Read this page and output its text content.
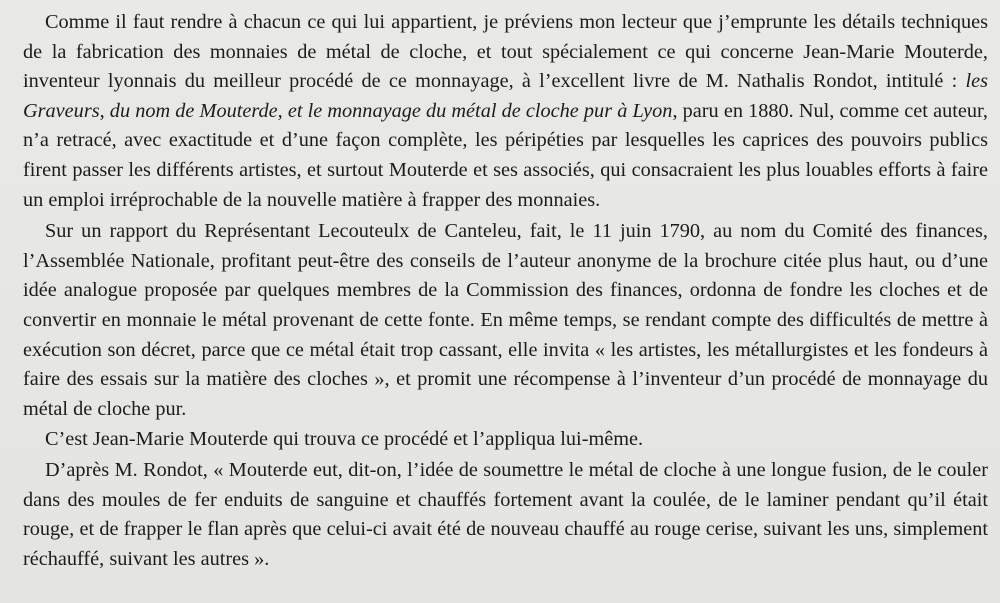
Comme il faut rendre à chacun ce qui lui appartient, je préviens mon lecteur que j’emprunte les détails techniques de la fabrication des monnaies de métal de cloche, et tout spécialement ce qui concerne Jean-Marie Mouterde, inventeur lyonnais du meilleur procédé de ce monnayage, à l’excellent livre de M. Nathalis Rondot, intitulé : les Graveurs, du nom de Mouterde, et le monnayage du métal de cloche pur à Lyon, paru en 1880. Nul, comme cet auteur, n’a retracé, avec exactitude et d’une façon complète, les péripéties par lesquelles les caprices des pouvoirs publics firent passer les différents artistes, et surtout Mouterde et ses associés, qui consacraient les plus louables efforts à faire un emploi irréprochable de la nouvelle matière à frapper des monnaies.

Sur un rapport du Représentant Lecouteulx de Canteleu, fait, le 11 juin 1790, au nom du Comité des finances, l’Assemblée Nationale, profitant peut-être des conseils de l’auteur anonyme de la brochure citée plus haut, ou d’une idée analogue proposée par quelques membres de la Commission des finances, ordonna de fondre les cloches et de convertir en monnaie le métal provenant de cette fonte. En même temps, se rendant compte des difficultés de mettre à exécution son décret, parce que ce métal était trop cassant, elle invita « les artistes, les métallurgistes et les fondeurs à faire des essais sur la matière des cloches », et promit une récompense à l’inventeur d’un procédé de monnayage du métal de cloche pur.

C’est Jean-Marie Mouterde qui trouva ce procédé et l’appliqua lui-même.

D’après M. Rondot, « Mouterde eut, dit-on, l’idée de soumettre le métal de cloche à une longue fusion, de le couler dans des moules de fer enduits de sanguine et chauffés fortement avant la coulée, de le laminer pendant qu’il était rouge, et de frapper le flan après que celui-ci avait été de nouveau chauffé au rouge cerise, suivant les uns, simplement réchauffé, suivant les autres ».
